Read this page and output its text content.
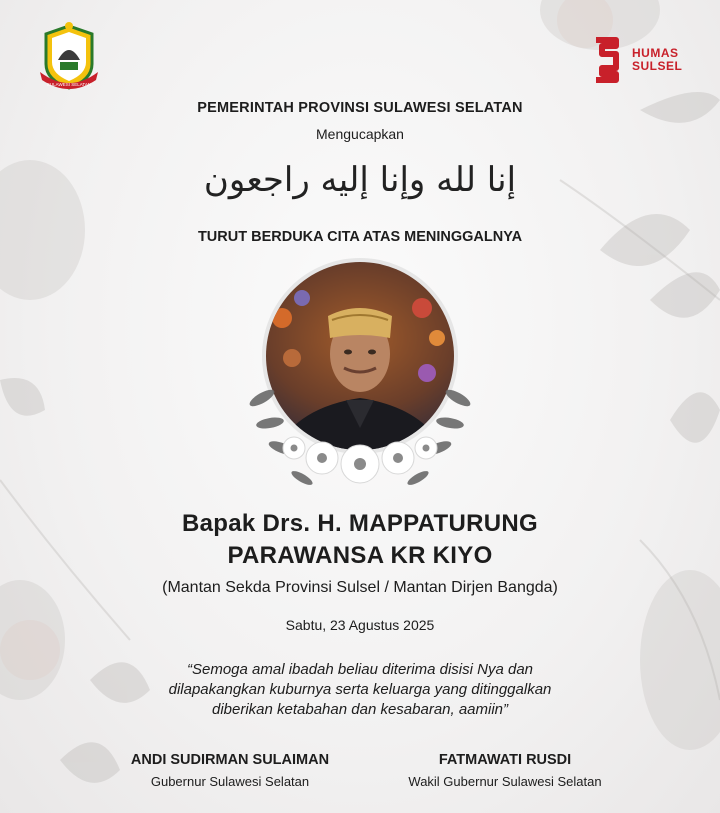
SULAWESI SELATAN
HUMAS
SULSEL
PEMERINTAH PROVINSI SULAWESI SELATAN
Mengucapkan
إنا لله وإنا إليه راجعون
TURUT BERDUKA CITA ATAS MENINGGALNYA
Bapak Drs. H. MAPPATURUNG
PARAWANSA KR KIYO
(Mantan Sekda Provinsi Sulsel / Mantan Dirjen Bangda)
Sabtu, 23 Agustus 2025
“Semoga amal ibadah beliau diterima disisi Nya dan
dilapakangkan kuburnya serta keluarga yang ditinggalkan
diberikan ketabahan dan kesabaran, aamiin”
ANDI SUDIRMAN SULAIMAN
Gubernur Sulawesi Selatan
FATMAWATI RUSDI
Wakil Gubernur Sulawesi Selatan
